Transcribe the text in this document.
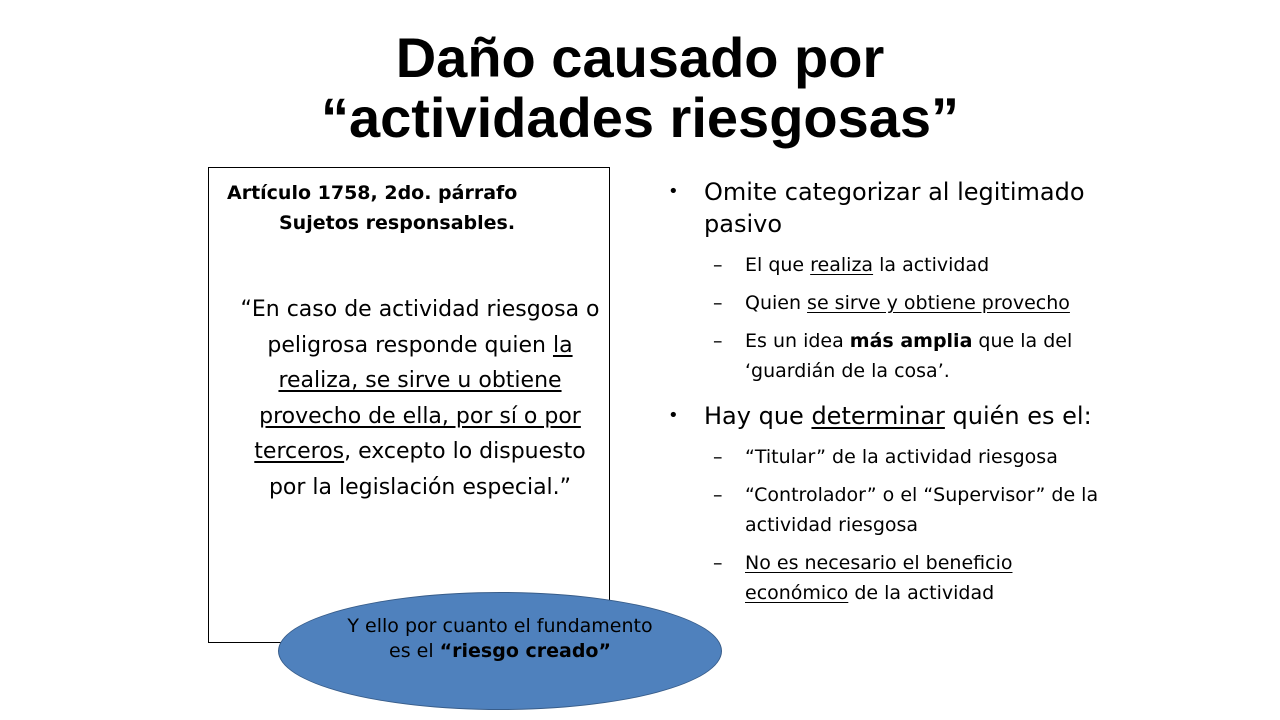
Daño causado por
“actividades riesgosas”
Artículo 1758, 2do. párrafo
Sujetos responsables.
“En caso de actividad riesgosa o peligrosa responde quien la realiza, se sirve u obtiene provecho de ella, por sí o por terceros, excepto lo dispuesto por la legislación especial.”
• Omite categorizar al legitimado pasivo
– El que realiza la actividad
– Quien se sirve y obtiene provecho
– Es un idea más amplia que la del ‘guardián de la cosa’.
• Hay que determinar quién es el:
– “Titular” de la actividad riesgosa
– “Controlador” o el “Supervisor” de la actividad riesgosa
– No es necesario el beneficio económico de la actividad
Y ello por cuanto el fundamento es el “riesgo creado”
